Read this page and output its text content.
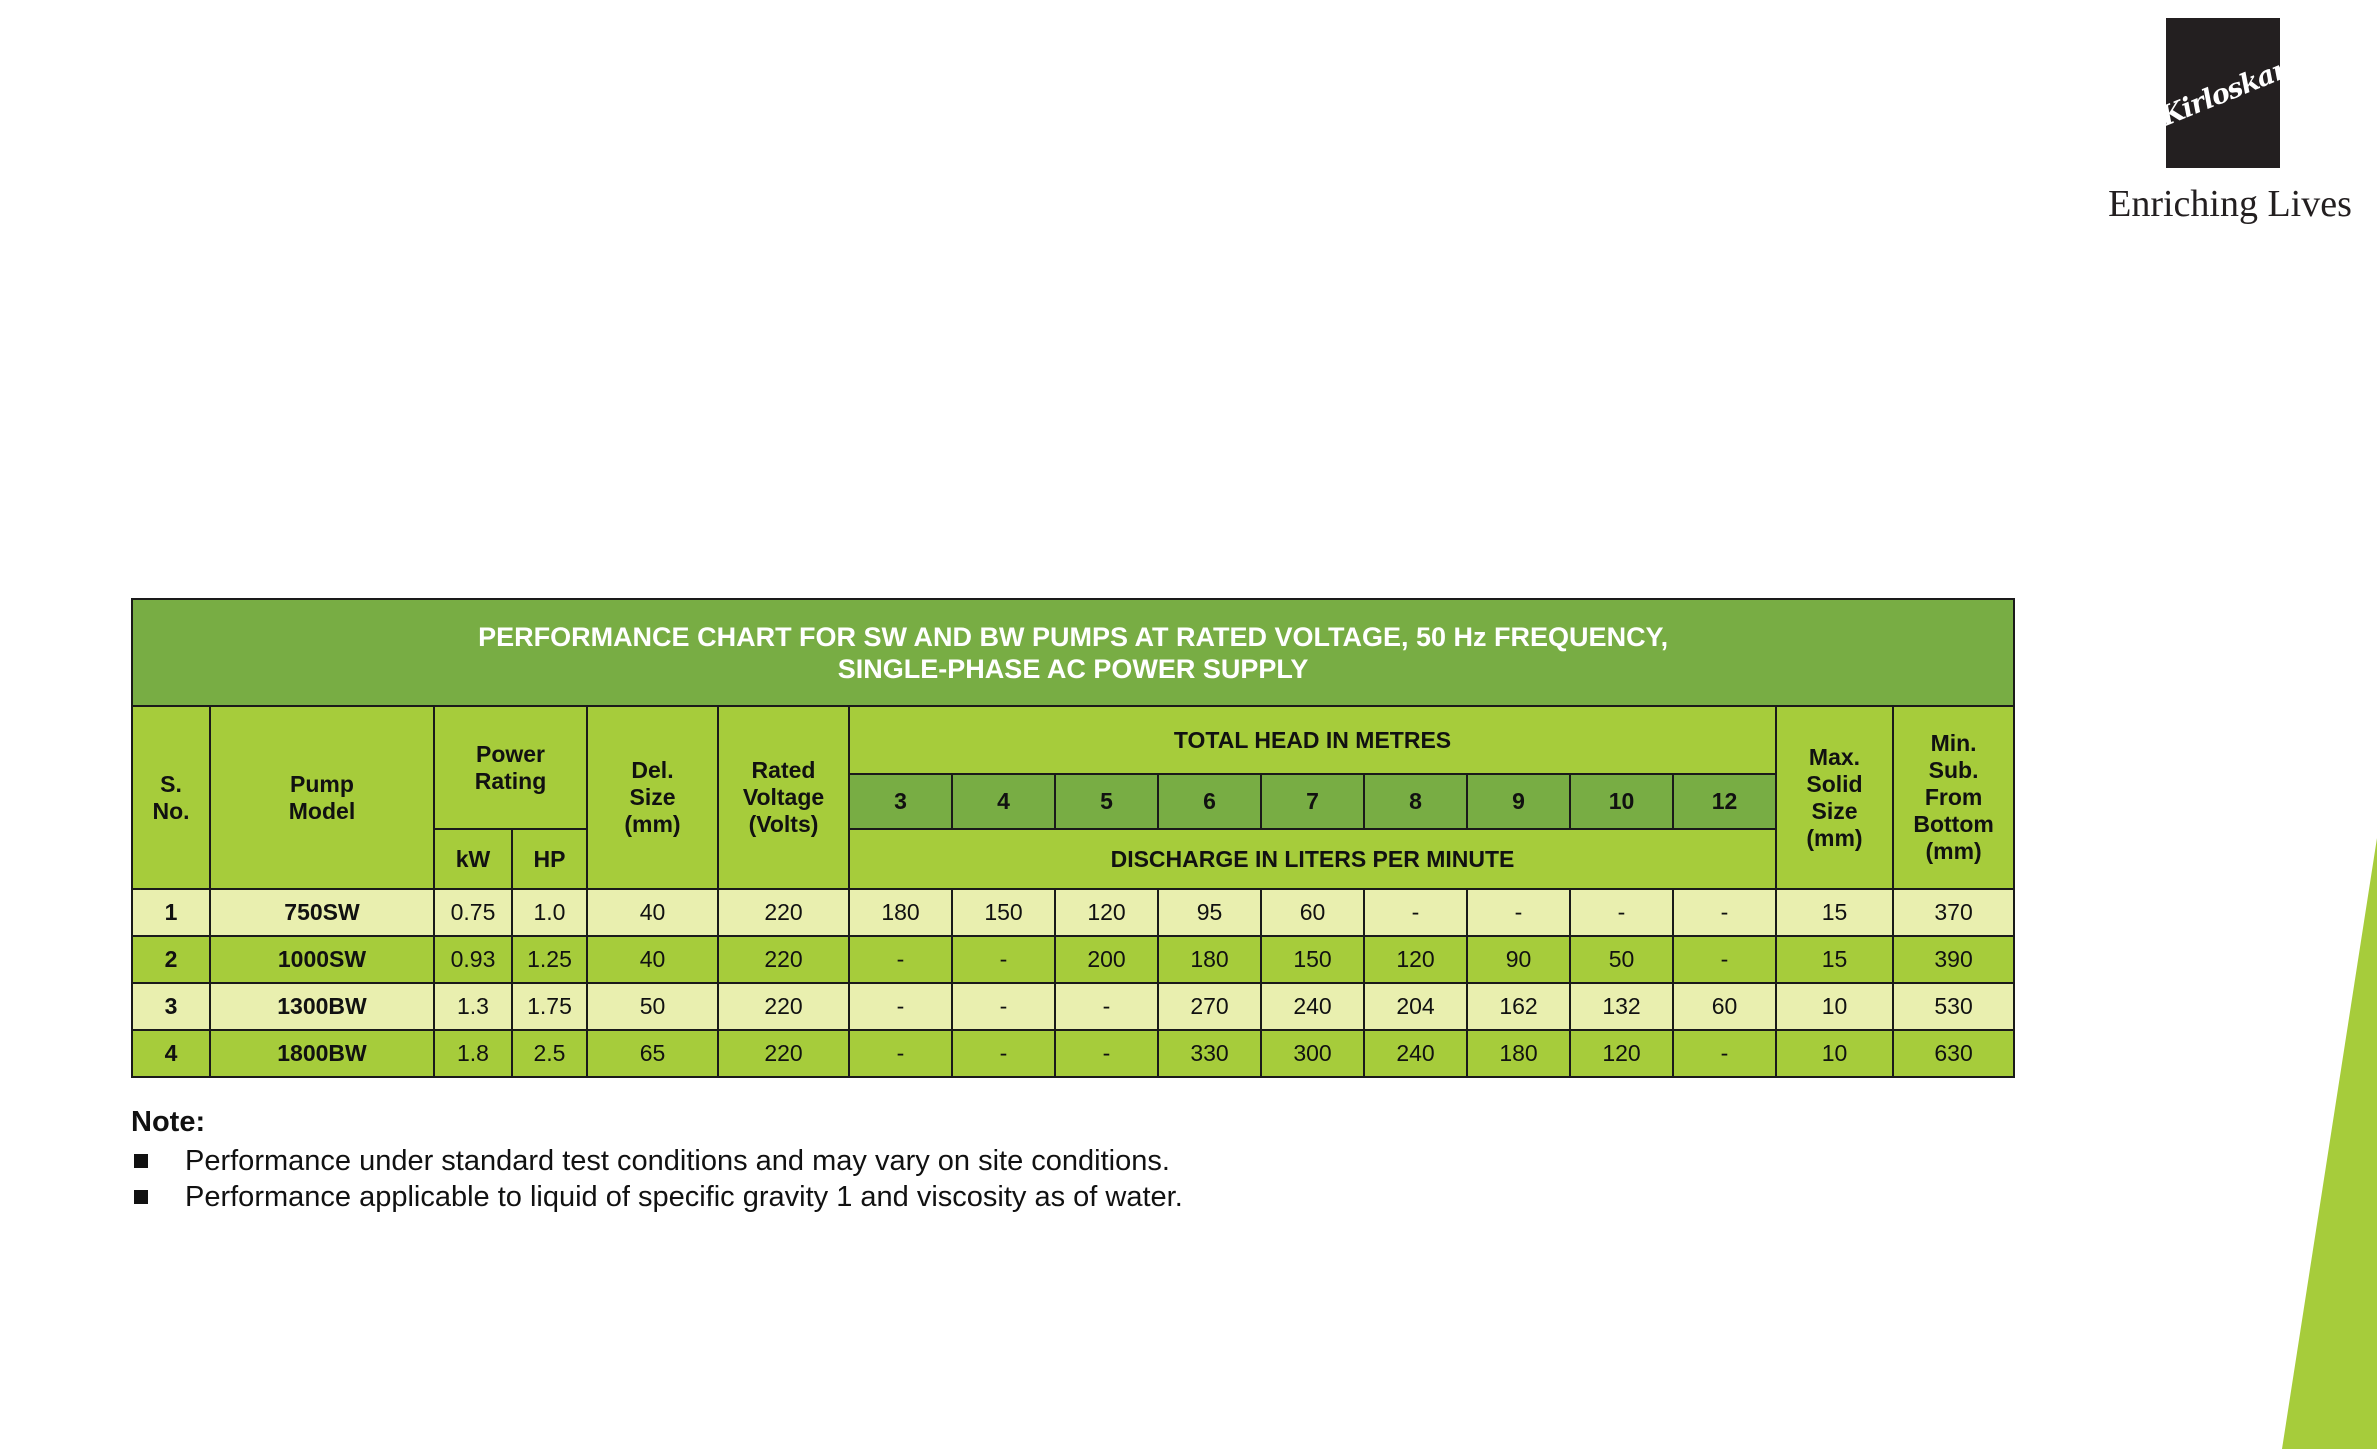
Kirloskar
Enriching Lives
PERFORMANCE CHART FOR SW AND BW PUMPS AT RATED VOLTAGE, 50 Hz FREQUENCY,
SINGLE-PHASE AC POWER SUPPLY																

S. No.	Pump Model	Power Rating		Del. Size (mm)	Rated Voltage (Volts)	TOTAL HEAD IN METRES									Max. Solid Size (mm)	Min. Sub. From Bottom (mm)
						3	4	5	6	7	8	9	10	12		
		kW	HP			DISCHARGE IN LITERS PER MINUTE										
1	750SW	0.75	1.0	40	220	180	150	120	95	60	-	-	-	-	15	370
2	1000SW	0.93	1.25	40	220	-	-	200	180	150	120	90	50	-	15	390
3	1300BW	1.3	1.75	50	220	-	-	-	270	240	204	162	132	60	10	530
4	1800BW	1.8	2.5	65	220	-	-	-	330	300	240	180	120	-	10	630
Note:
Performance under standard test conditions and may vary on site conditions.
Performance applicable to liquid of specific gravity 1 and viscosity as of water.
